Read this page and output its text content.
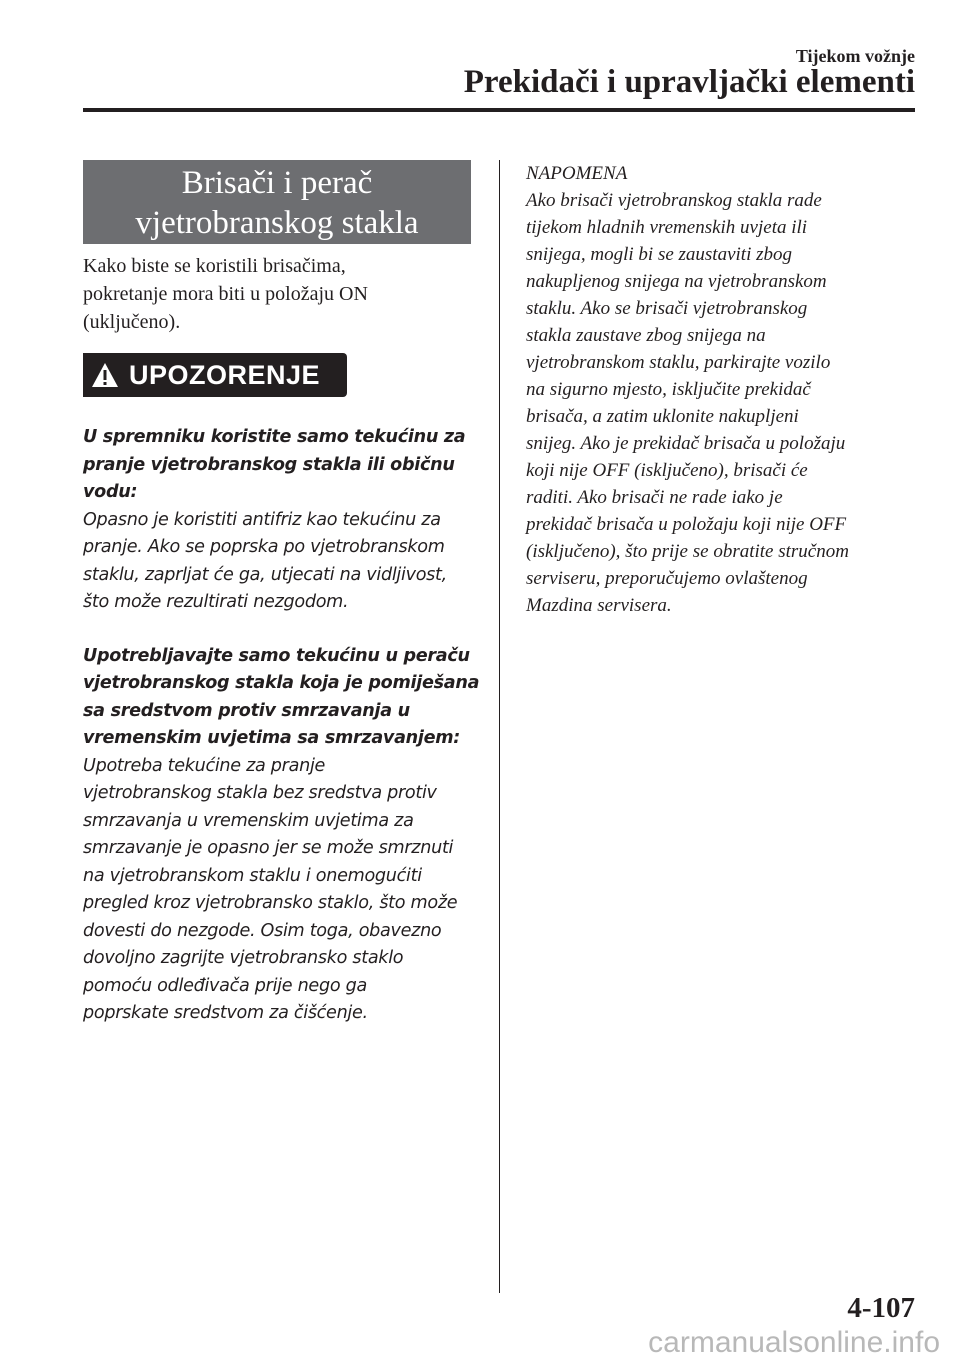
Tijekom vožnje
Prekidači i upravljački elementi
Brisači i perač
vjetrobranskog stakla
Kako biste se koristili brisačima,
pokretanje mora biti u položaju ON
(uključeno).
UPOZORENJE

U spremniku koristite samo tekućinu za

pranje vjetrobranskog stakla ili običnu

vodu:

Opasno je koristiti antifriz kao tekućinu za

pranje. Ako se poprska po vjetrobranskom

staklu, zaprljat će ga, utjecati na vidljivost,

što može rezultirati nezgodom.

Upotrebljavajte samo tekućinu u peraču

vjetrobranskog stakla koja je pomiješana

sa sredstvom protiv smrzavanja u

vremenskim uvjetima sa smrzavanjem:

Upotreba tekućine za pranje

vjetrobranskog stakla bez sredstva protiv

smrzavanja u vremenskim uvjetima za

smrzavanje je opasno jer se može smrznuti

na vjetrobranskom staklu i onemogućiti

pregled kroz vjetrobransko staklo, što može

dovesti do nezgode. Osim toga, obavezno

dovoljno zagrijte vjetrobransko staklo

pomoću odleđivača prije nego ga

poprskate sredstvom za čišćenje.

NAPOMENA

Ako brisači vjetrobranskog stakla rade

tijekom hladnih vremenskih uvjeta ili

snijega, mogli bi se zaustaviti zbog

nakupljenog snijega na vjetrobranskom

staklu. Ako se brisači vjetrobranskog

stakla zaustave zbog snijega na

vjetrobranskom staklu, parkirajte vozilo

na sigurno mjesto, isključite prekidač

brisača, a zatim uklonite nakupljeni

snijeg. Ako je prekidač brisača u položaju

koji nije OFF (isključeno), brisači će

raditi. Ako brisači ne rade iako je

prekidač brisača u položaju koji nije OFF

(isključeno), što prije se obratite stručnom

serviseru, preporučujemo ovlaštenog

Mazdina servisera.

4-107
carmanualsonline.info
